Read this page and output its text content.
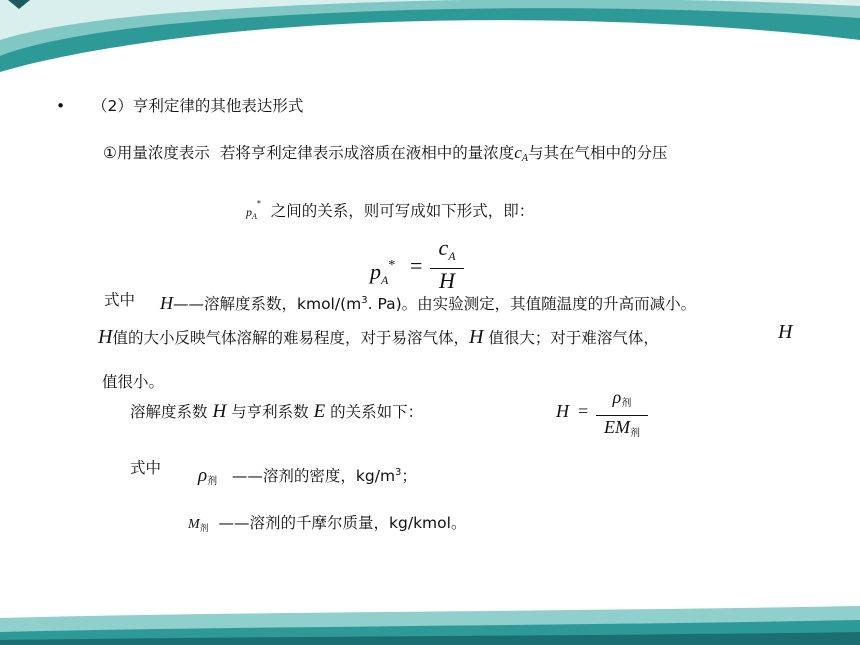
• （2）亨利定律的其他表达形式
①用量浓度表示 若将亨利定律表示成溶质在液相中的量浓度$c_A$与其在气相中的分压
$p_A^*$ 之间的关系，则可写成如下形式，即：
$p_A^*$ =
$c_A$
H
式中 H——溶解度系数，kmol/($m^3$. Pa)。由实验测定，其值随温度的升高而减小。
H值的大小反映气体溶解的难易程度，对于易溶气体，H 值很大；对于难溶气体，	H
值很小。
溶解度系数 H 与亨利系数 E 的关系如下：	H =
ρ剂
EM剂
式中 ρ剂 ——溶剂的密度，$kg/m^3$；
M剂 ——溶剂的千摩尔质量，kg/kmol。
